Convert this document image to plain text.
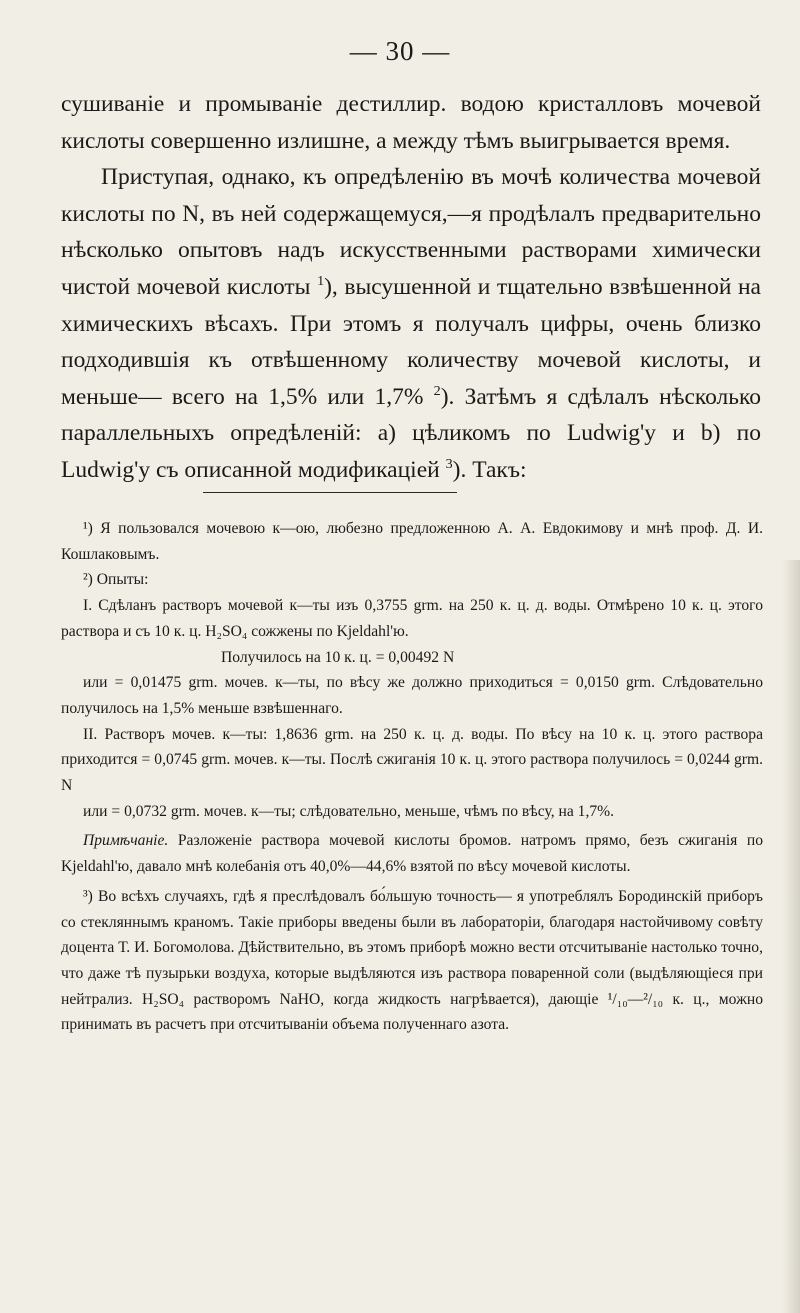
— 30 —

сушиваніе и промываніе дестиллир. водою кристалловъ мочевой кислоты совершенно излишне, а между тѣмъ выигрывается время.

Приступая, однако, къ опредѣленію въ мочѣ количества мочевой кислоты по N, въ ней содержащемуся,—я продѣлалъ предварительно нѣсколько опытовъ надъ искусственными растворами химически чистой мочевой кислоты $^1$), высушенной и тщательно взвѣшенной на химическихъ вѣсахъ. При этомъ я получалъ цифры, очень близко подходившія къ отвѣшенному количеству мочевой кислоты, и меньше— всего на 1,5% или 1,7% $^2$). Затѣмъ я сдѣлалъ нѣсколько параллельныхъ опредѣленій: a) цѣликомъ по Ludwig'у и b) по Ludwig'у съ описанной модификаціей $^3$). Такъ:

¹) Я пользовался мочевою к—ою, любезно предложенною А. А. Евдокимову и мнѣ проф. Д. И. Кошлаковымъ.

²) Опыты:

I. Сдѣланъ растворъ мочевой к—ты изъ 0,3755 grm. на 250 к. ц. д. воды. Отмѣрено 10 к. ц. этого раствора и съ 10 к. ц. H₂SO₄ сожжены по Kjeldahl'ю.

Получилось на 10 к. ц. = 0,00492 N

или = 0,01475 grm. мочев. к—ты, по вѣсу же должно приходиться = 0,0150 grm. Слѣдовательно получилось на 1,5% меньше взвѣшеннаго.

II. Растворъ мочев. к—ты: 1,8636 grm. на 250 к. ц. д. воды. По вѣсу на 10 к. ц. этого раствора приходится = 0,0745 grm. мочев. к—ты. Послѣ сжиганія 10 к. ц. этого раствора получилось = 0,0244 grm. N

или = 0,0732 grm. мочев. к—ты; слѣдовательно, меньше, чѣмъ по вѣсу, на 1,7%.

Примѣчаніе. Разложеніе раствора мочевой кислоты бромов. натромъ прямо, безъ сжиганія по Kjeldahl'ю, давало мнѣ колебанія отъ 40,0%—44,6% взятой по вѣсу мочевой кислоты.

³) Во всѣхъ случаяхъ, гдѣ я преслѣдовалъ бо́льшую точность— я употреблялъ Бородинскій приборъ со стекляннымъ краномъ. Такіе приборы введены были въ лабораторіи, благодаря настойчивому совѣту доцента Т. И. Богомолова. Дѣйствительно, въ этомъ приборѣ можно вести отсчитываніе настолько точно, что даже тѣ пузырьки воздуха, которые выдѣляются изъ раствора поваренной соли (выдѣляющіеся при нейтрализ. H₂SO₄ растворомъ NaHO, когда жидкость нагрѣвается), дающіе ¹/₁₀—²/₁₀ к. ц., можно принимать въ расчетъ при отсчитываніи объема полученнаго азота.
